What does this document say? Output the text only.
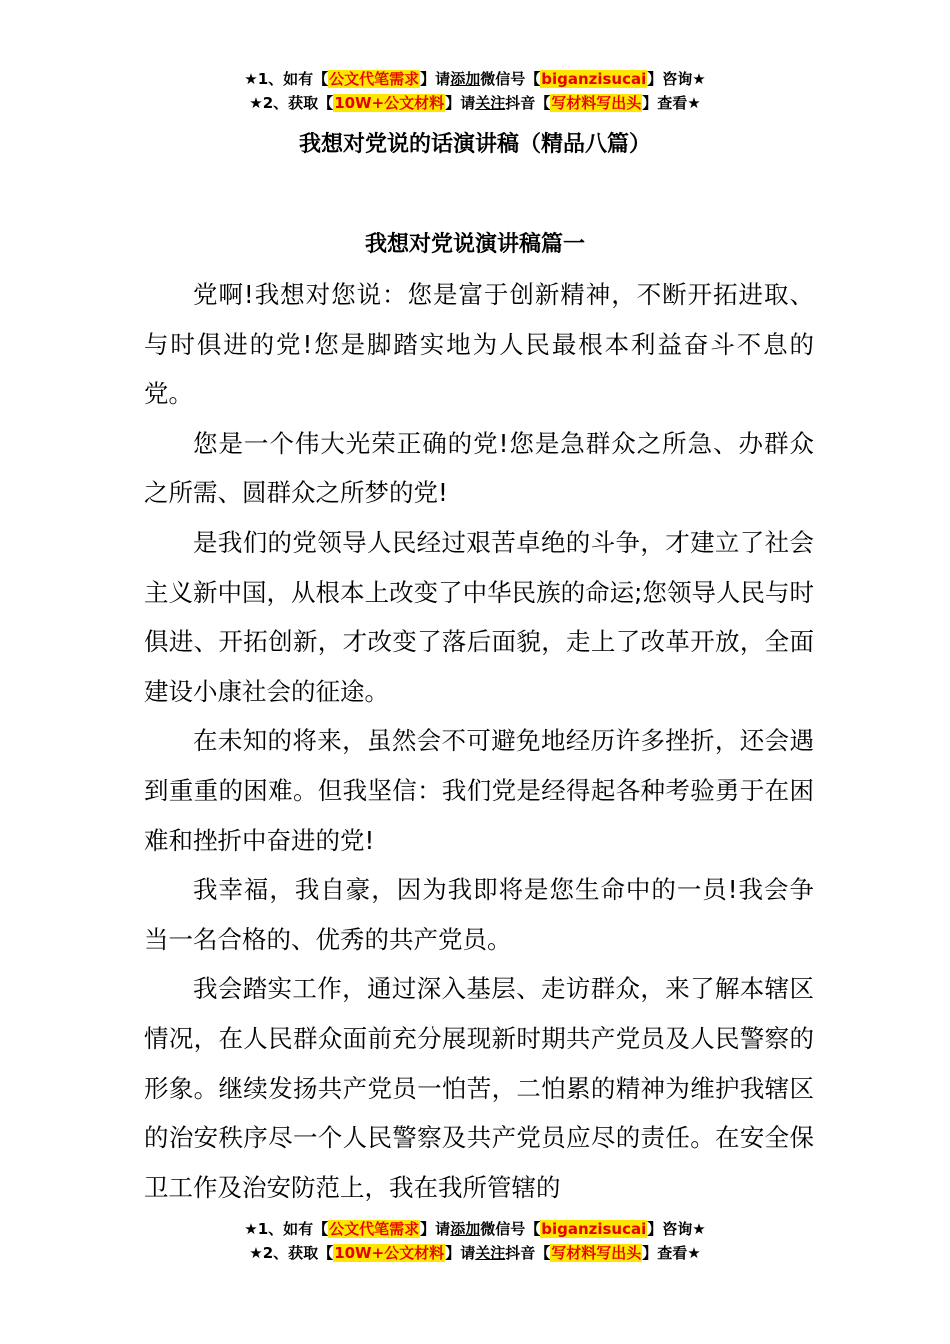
★1、如有【公文代笔需求】请添加微信号【biganzisucai】咨询★
★2、获取【10W+公文材料】请关注抖音【写材料写出头】查看★
我想对党说的话演讲稿（精品八篇）
我想对党说演讲稿篇一

党啊!我想对您说：您是富于创新精神，不断开拓进取、与时俱进的党!您是脚踏实地为人民最根本利益奋斗不息的党。

您是一个伟大光荣正确的党!您是急群众之所急、办群众之所需、圆群众之所梦的党!

是我们的党领导人民经过艰苦卓绝的斗争，才建立了社会主义新中国，从根本上改变了中华民族的命运;您领导人民与时俱进、开拓创新，才改变了落后面貌，走上了改革开放，全面建设小康社会的征途。

在未知的将来，虽然会不可避免地经历许多挫折，还会遇到重重的困难。但我坚信：我们党是经得起各种考验勇于在困难和挫折中奋进的党!

我幸福，我自豪，因为我即将是您生命中的一员!我会争当一名合格的、优秀的共产党员。

我会踏实工作，通过深入基层、走访群众，来了解本辖区情况，在人民群众面前充分展现新时期共产党员及人民警察的形象。继续发扬共产党员一怕苦，二怕累的精神为维护我辖区的治安秩序尽一个人民警察及共产党员应尽的责任。在安全保卫工作及治安防范上，我在我所管辖的

★1、如有【公文代笔需求】请添加微信号【biganzisucai】咨询★
★2、获取【10W+公文材料】请关注抖音【写材料写出头】查看★
